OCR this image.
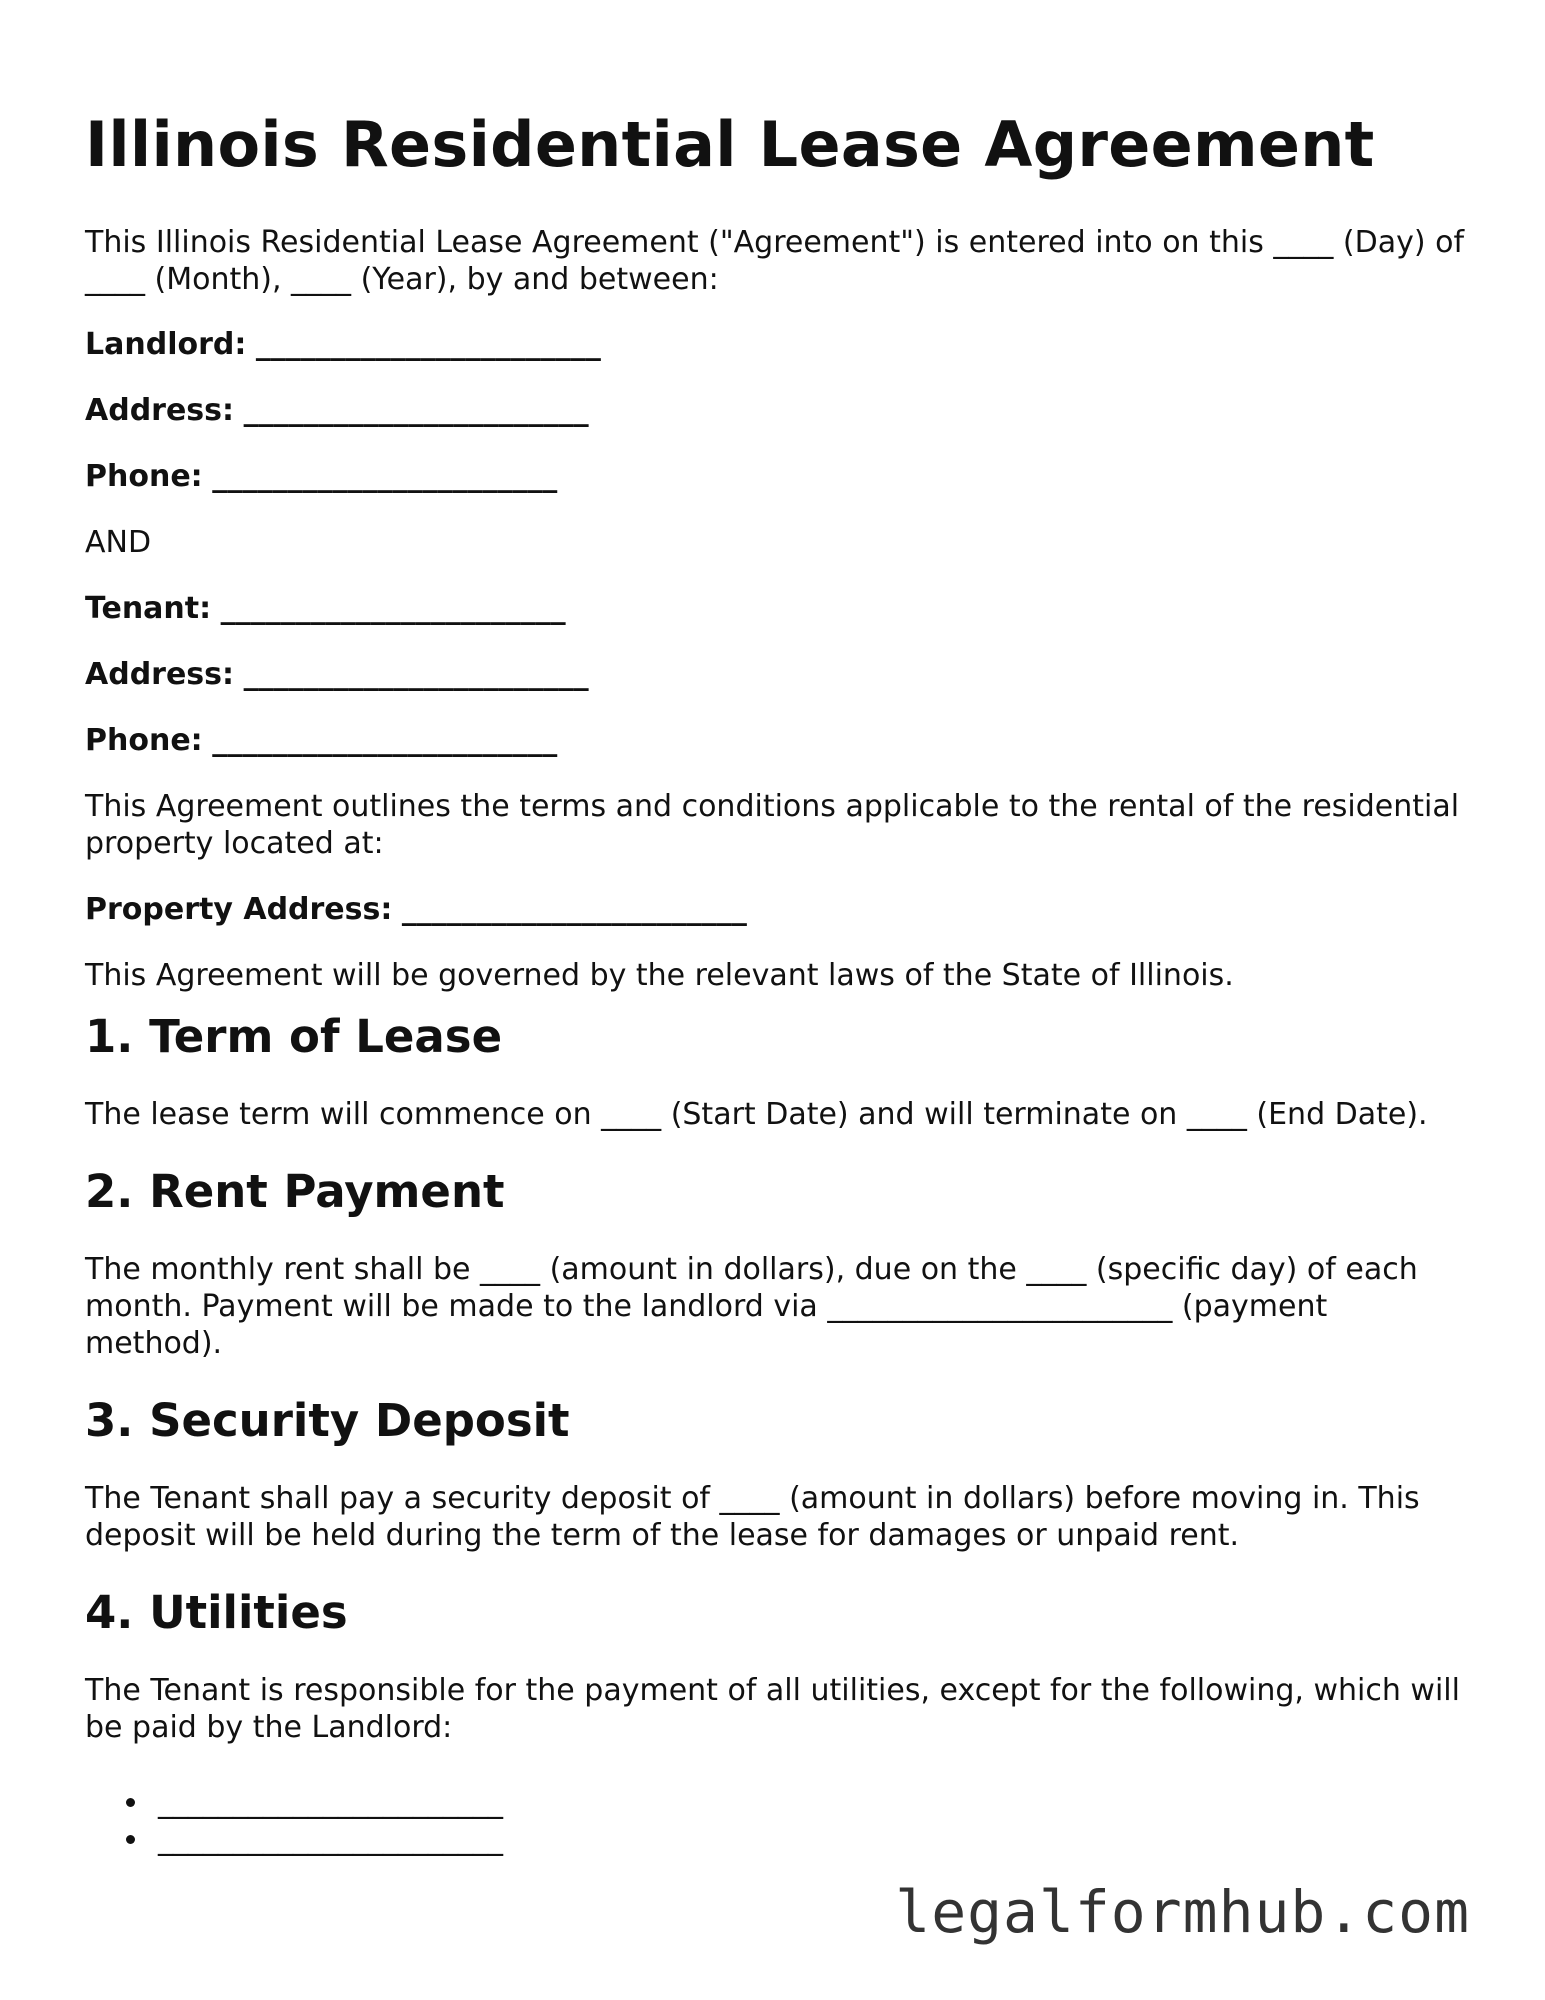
Illinois Residential Lease Agreement

This Illinois Residential Lease Agreement ("Agreement") is entered into on this ____ (Day) of ____ (Month), ____ (Year), by and between:

Landlord: _______________________
Address: _______________________
Phone: _______________________
AND
Tenant: _______________________
Address: _______________________
Phone: _______________________

This Agreement outlines the terms and conditions applicable to the rental of the residential property located at:

Property Address: _______________________

This Agreement will be governed by the relevant laws of the State of Illinois.

1. Term of Lease

The lease term will commence on ____ (Start Date) and will terminate on ____ (End Date).

2. Rent Payment

The monthly rent shall be ____ (amount in dollars), due on the ____ (specific day) of each month. Payment will be made to the landlord via _______________________ (payment method).

3. Security Deposit

The Tenant shall pay a security deposit of ____ (amount in dollars) before moving in. This deposit will be held during the term of the lease for damages or unpaid rent.

4. Utilities

The Tenant is responsible for the payment of all utilities, except for the following, which will be paid by the Landlord:

_______________________
_______________________
legalformhub.com
